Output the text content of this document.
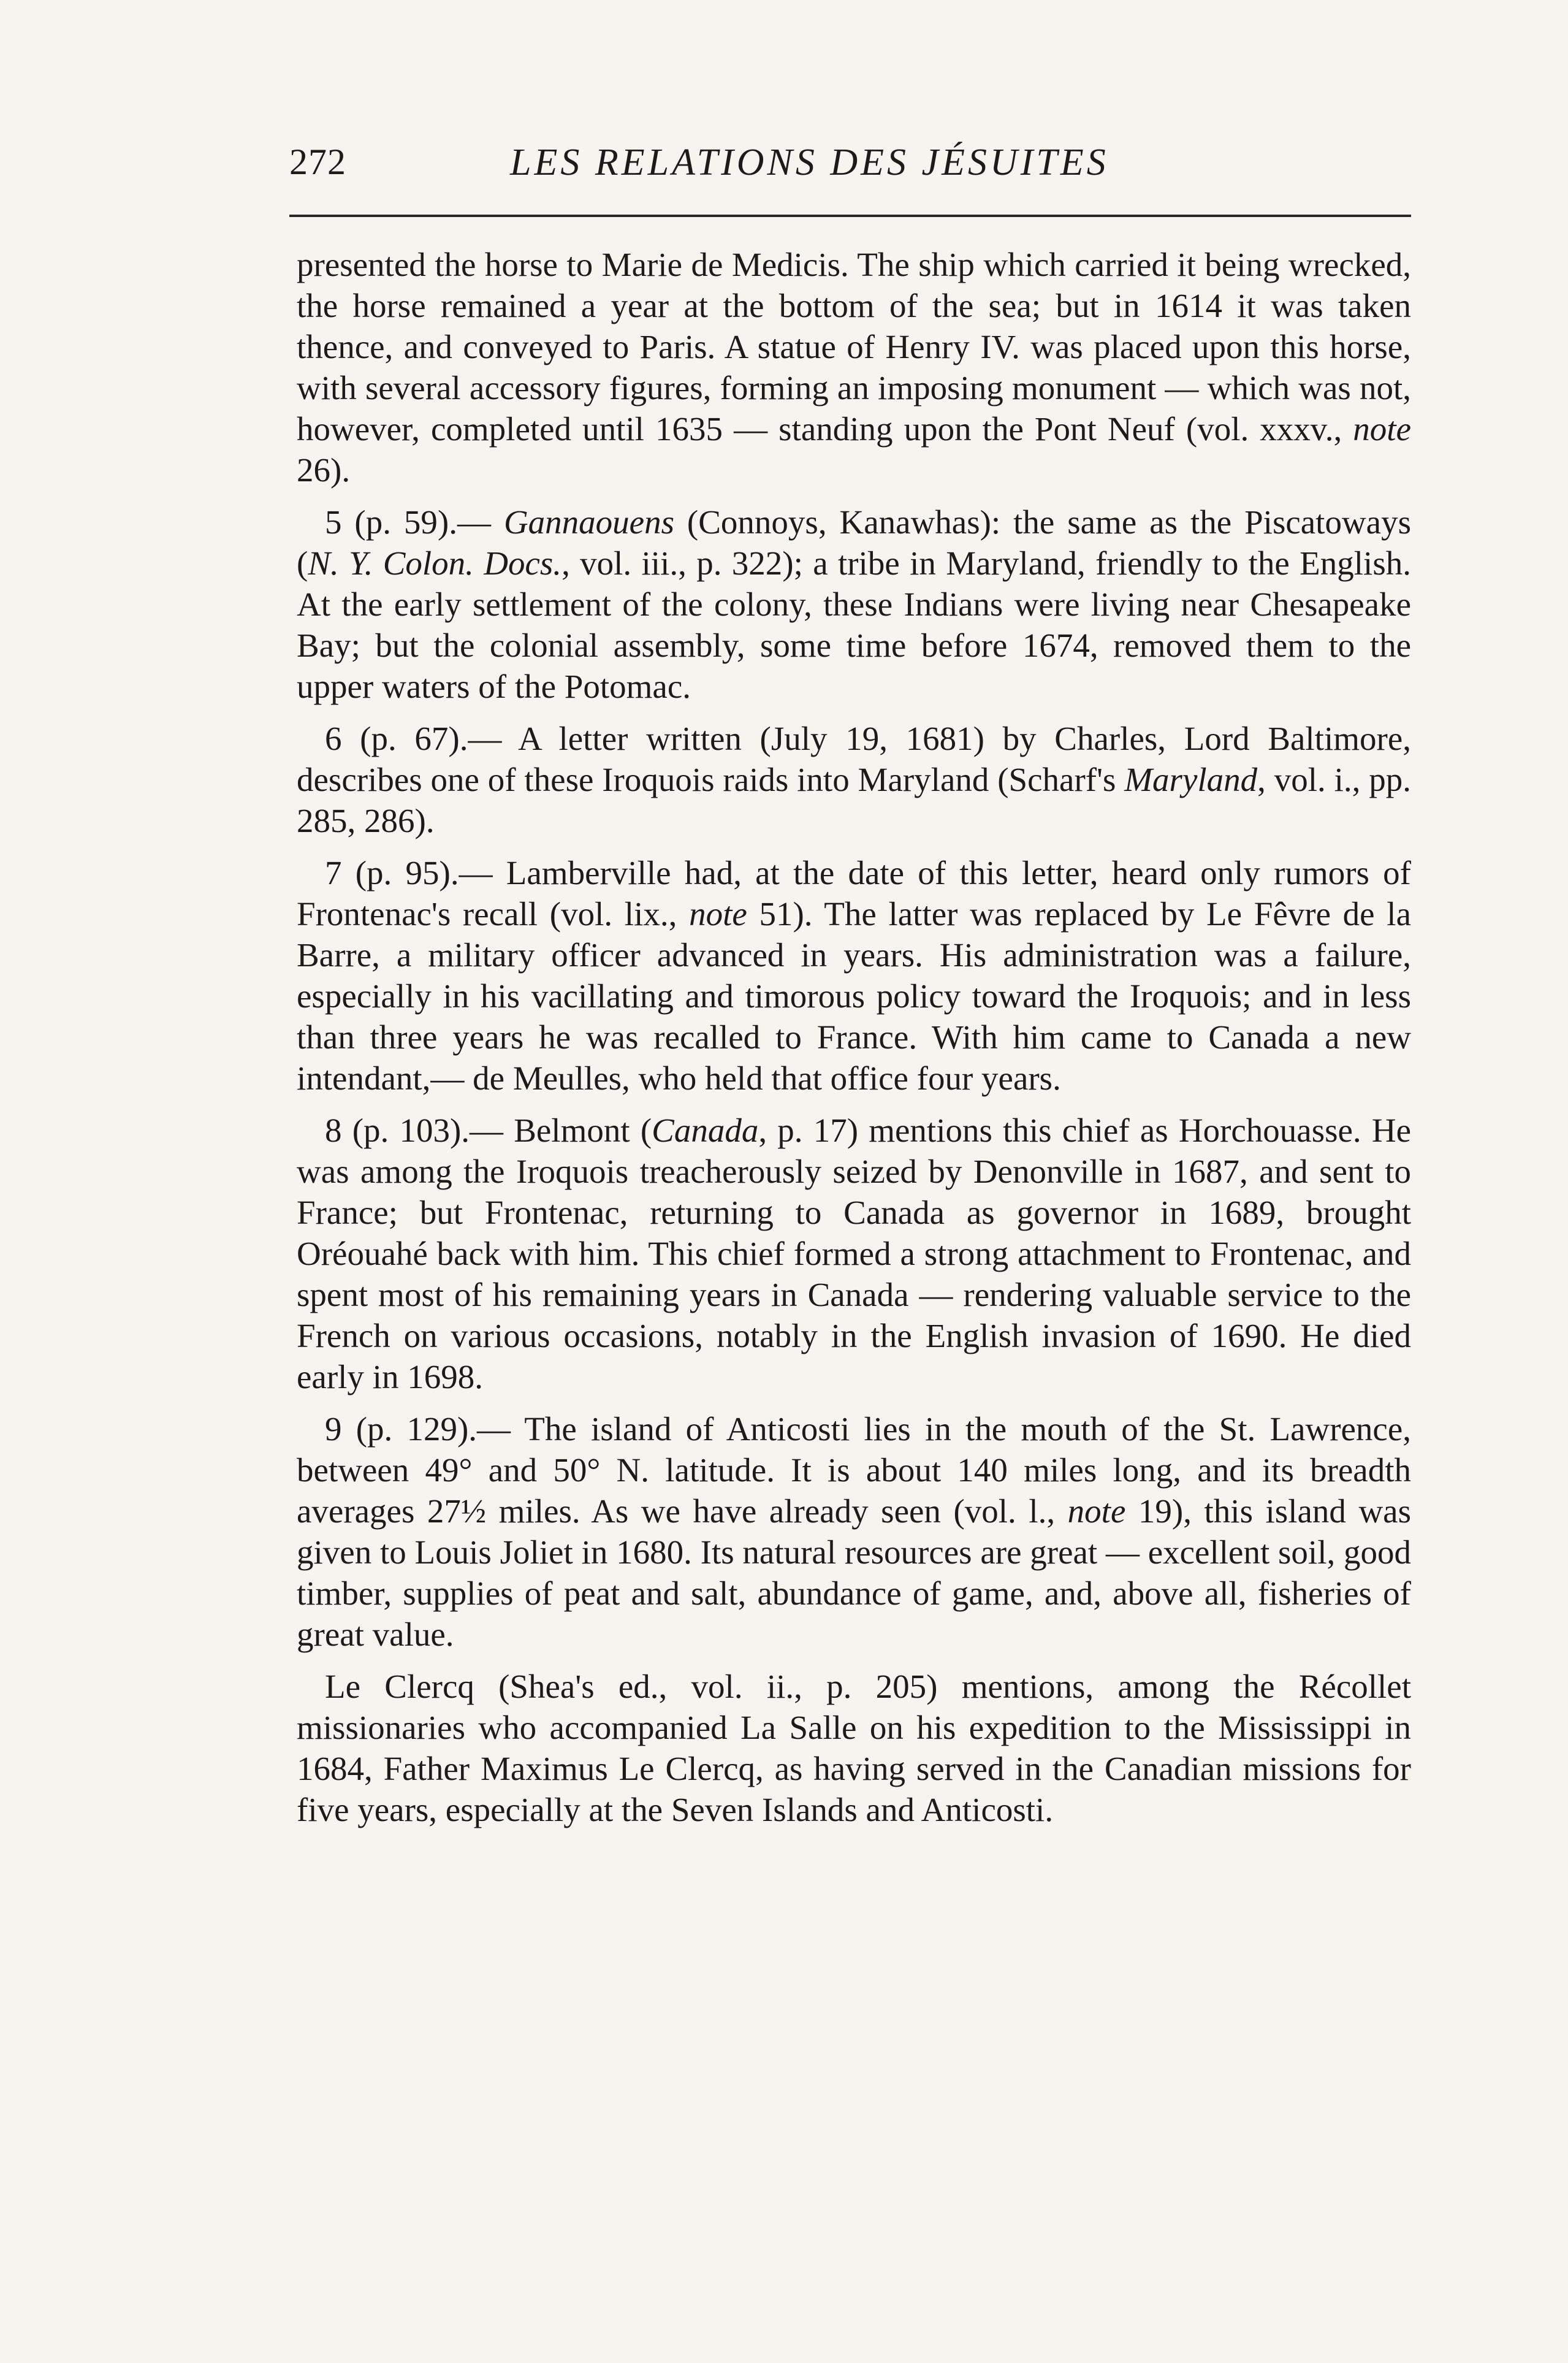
272	LES RELATIONS DES JÉSUITES

presented the horse to Marie de Medicis. The ship which carried it being wrecked, the horse remained a year at the bottom of the sea; but in 1614 it was taken thence, and conveyed to Paris. A statue of Henry IV. was placed upon this horse, with several accessory figures, forming an imposing monument — which was not, however, completed until 1635 — standing upon the Pont Neuf (vol. xxxv., note 26).

5 (p. 59).— Gannaouens (Connoys, Kanawhas): the same as the Piscatoways (N. Y. Colon. Docs., vol. iii., p. 322); a tribe in Maryland, friendly to the English. At the early settlement of the colony, these Indians were living near Chesapeake Bay; but the colonial assembly, some time before 1674, removed them to the upper waters of the Potomac.

6 (p. 67).— A letter written (July 19, 1681) by Charles, Lord Baltimore, describes one of these Iroquois raids into Maryland (Scharf's Maryland, vol. i., pp. 285, 286).

7 (p. 95).— Lamberville had, at the date of this letter, heard only rumors of Frontenac's recall (vol. lix., note 51). The latter was replaced by Le Fêvre de la Barre, a military officer advanced in years. His administration was a failure, especially in his vacillating and timorous policy toward the Iroquois; and in less than three years he was recalled to France. With him came to Canada a new intendant,— de Meulles, who held that office four years.

8 (p. 103).— Belmont (Canada, p. 17) mentions this chief as Horchouasse. He was among the Iroquois treacherously seized by Denonville in 1687, and sent to France; but Frontenac, returning to Canada as governor in 1689, brought Oréouahé back with him. This chief formed a strong attachment to Frontenac, and spent most of his remaining years in Canada — rendering valuable service to the French on various occasions, notably in the English invasion of 1690. He died early in 1698.

9 (p. 129).— The island of Anticosti lies in the mouth of the St. Lawrence, between 49° and 50° N. latitude. It is about 140 miles long, and its breadth averages 27½ miles. As we have already seen (vol. l., note 19), this island was given to Louis Joliet in 1680. Its natural resources are great — excellent soil, good timber, supplies of peat and salt, abundance of game, and, above all, fisheries of great value.

Le Clercq (Shea's ed., vol. ii., p. 205) mentions, among the Récollet missionaries who accompanied La Salle on his expedition to the Mississippi in 1684, Father Maximus Le Clercq, as having served in the Canadian missions for five years, especially at the Seven Islands and Anticosti.
